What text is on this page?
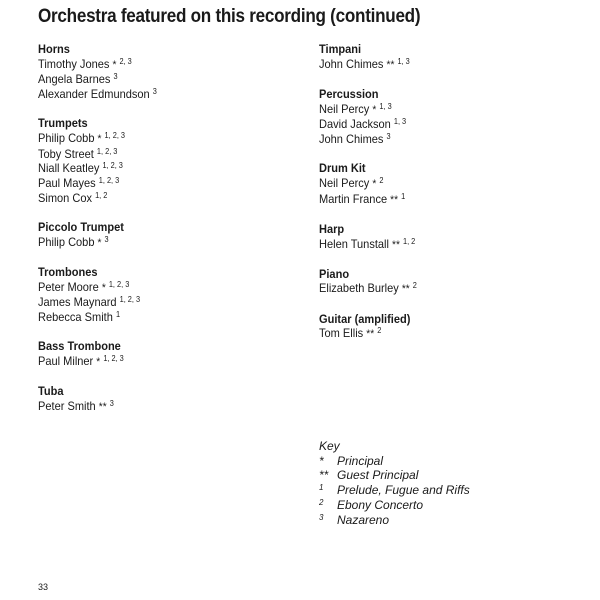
Orchestra featured on this recording (continued)
Horns
Timothy Jones * $^{2, 3}$
Angela Barnes $^3$
Alexander Edmundson $^3$
Trumpets
Philip Cobb * $^{1, 2, 3}$
Toby Street $^{1, 2, 3}$
Niall Keatley $^{1, 2, 3}$
Paul Mayes $^{1, 2, 3}$
Simon Cox $^{1, 2}$
Piccolo Trumpet
Philip Cobb * $^3$
Trombones
Peter Moore * $^{1, 2, 3}$
James Maynard $^{1, 2, 3}$
Rebecca Smith $^1$
Bass Trombone
Paul Milner * $^{1, 2, 3}$
Tuba
Peter Smith ** $^3$
Timpani
John Chimes ** $^{1, 3}$
Percussion
Neil Percy * $^{1, 3}$
David Jackson $^{1, 3}$
John Chimes $^3$
Drum Kit
Neil Percy * $^2$
Martin France ** $^1$
Harp
Helen Tunstall ** $^{1, 2}$
Piano
Elizabeth Burley ** $^2$
Guitar (amplified)
Tom Ellis ** $^2$
Key
* Principal
** Guest Principal
$^1$ Prelude, Fugue and Riffs
$^2$ Ebony Concerto
$^3$ Nazareno
33
